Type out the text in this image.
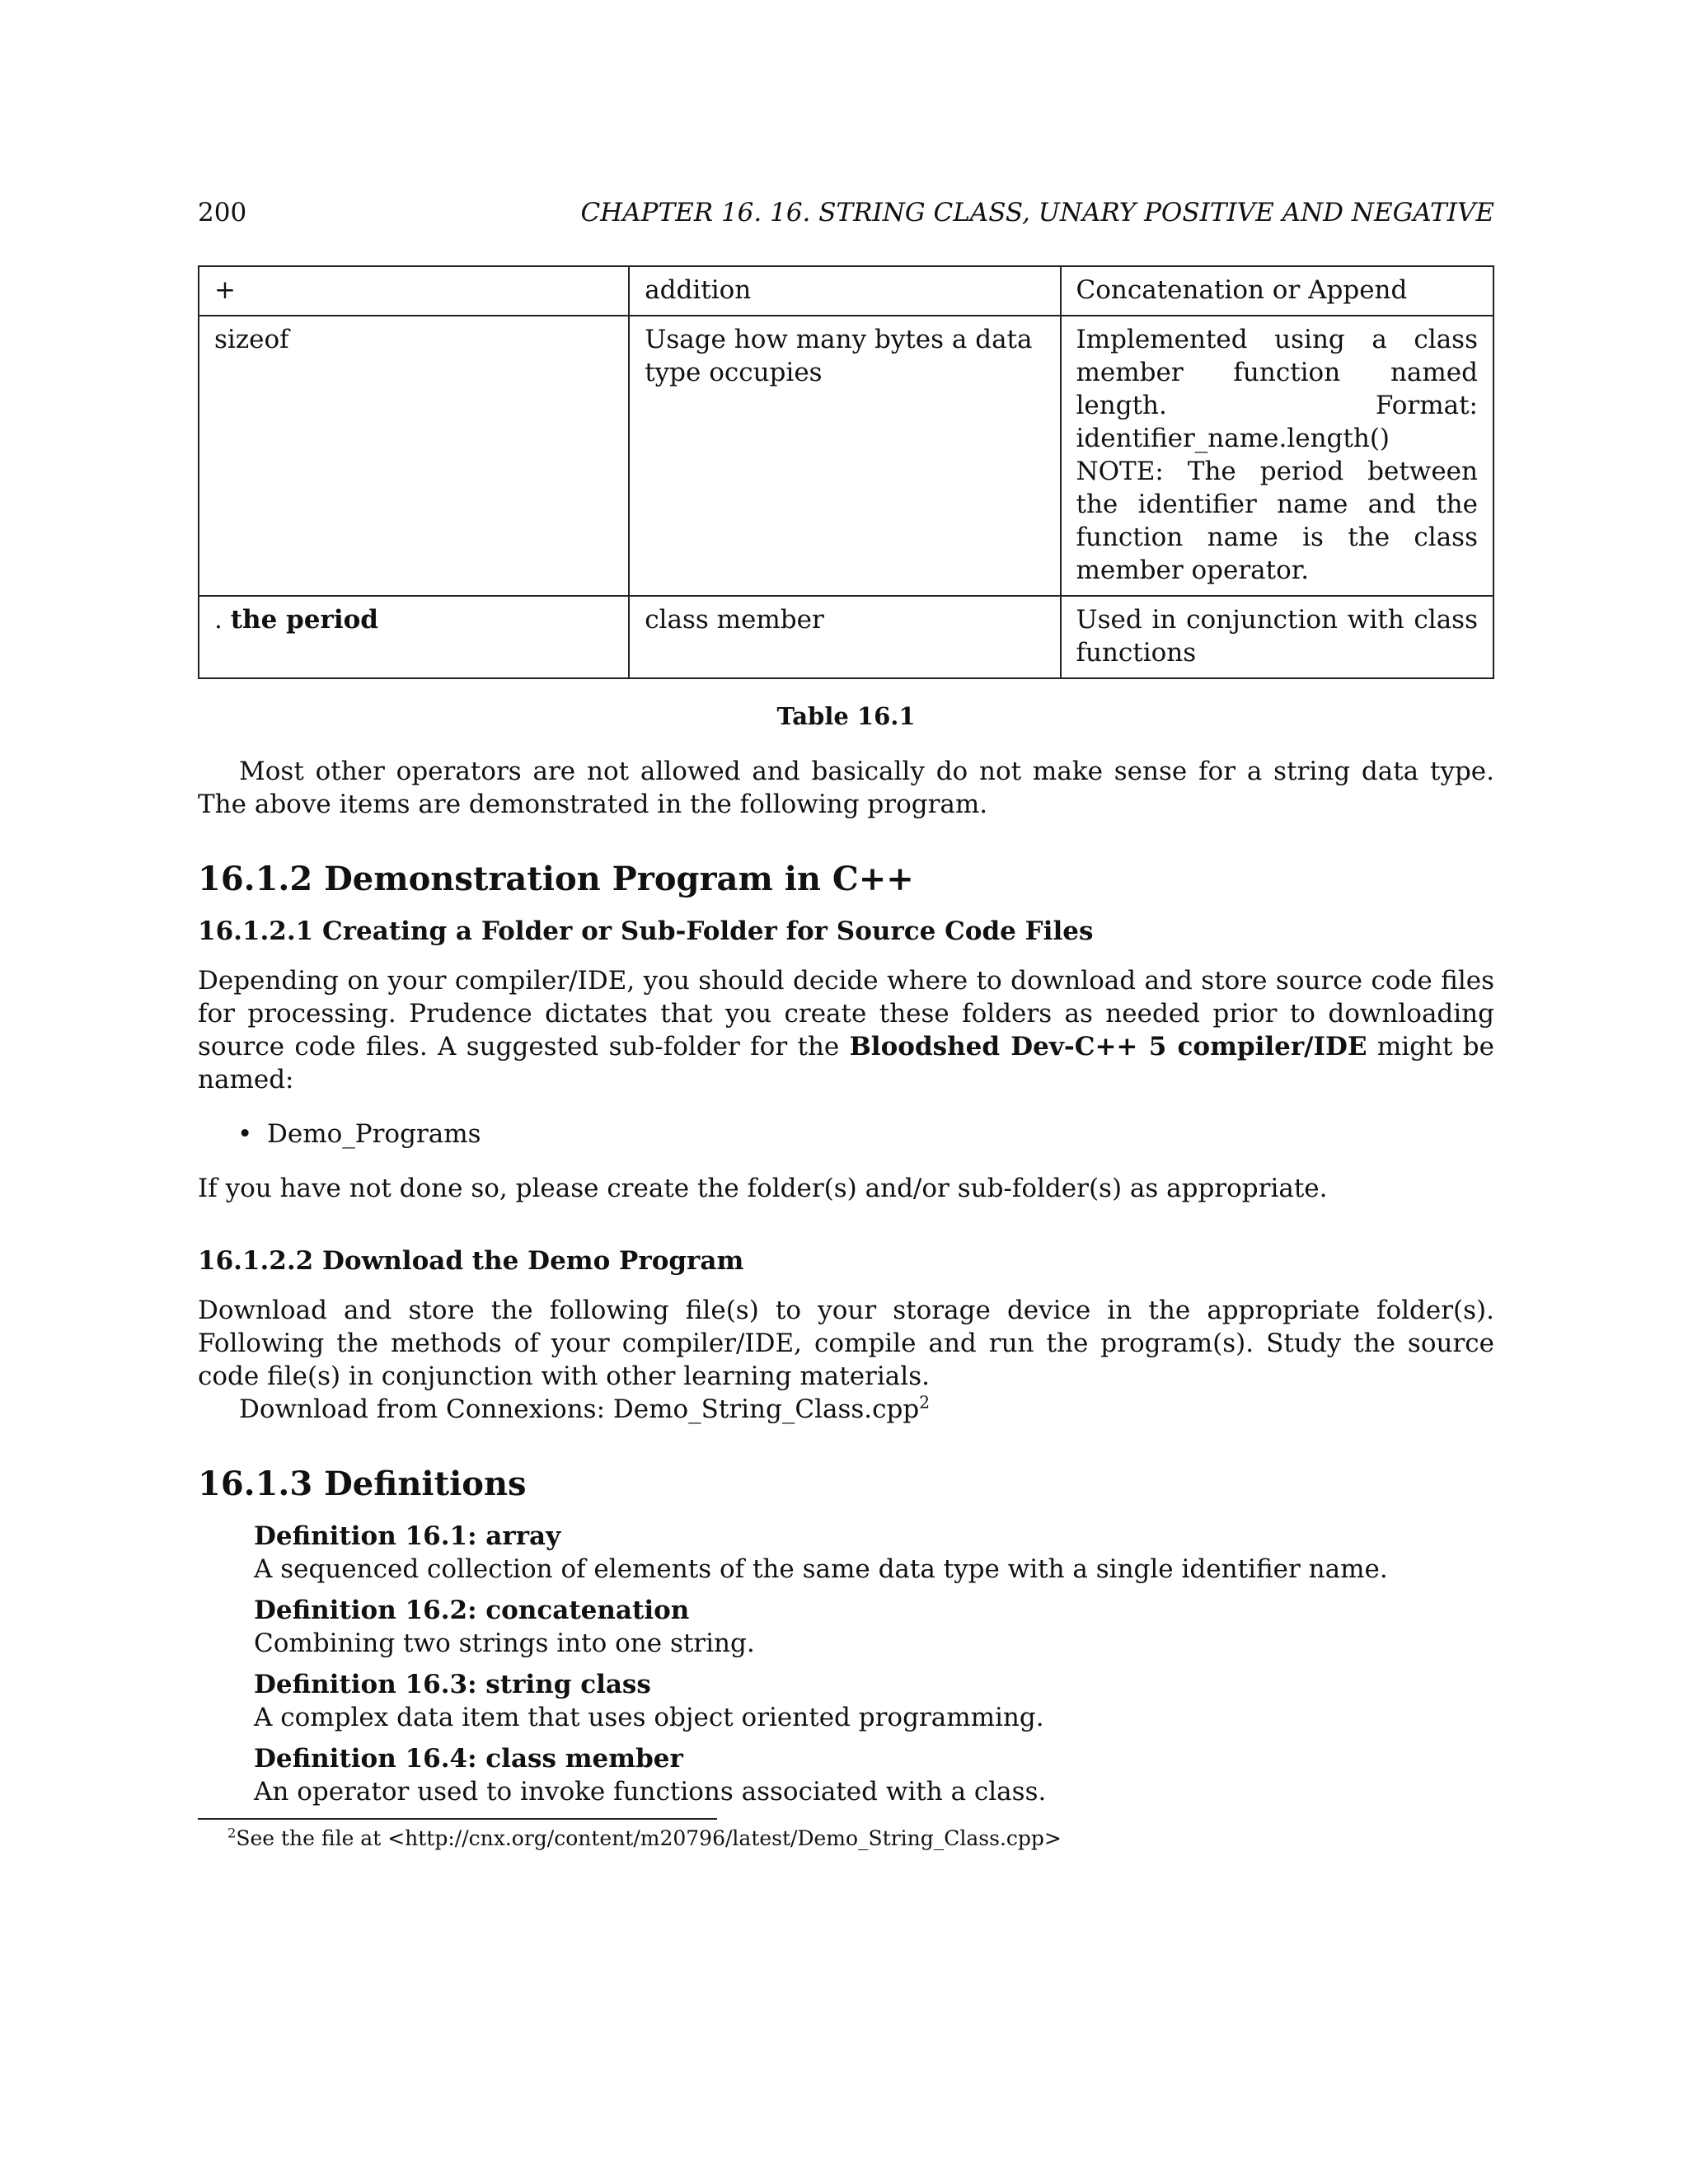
200	CHAPTER 16. 16. STRING CLASS, UNARY POSITIVE AND NEGATIVE
+	addition	Concatenation or Append
sizeof	Usage how many bytes a data type occupies	Implemented using a class member function named length. Format: identifier_name.length() NOTE: The period between the identifier name and the function name is the class member operator.
. the period	class member	Used in conjunction with class functions
Table 16.1

Most other operators are not allowed and basically do not make sense for a string data type. The above items are demonstrated in the following program.

16.1.2 Demonstration Program in C++
16.1.2.1 Creating a Folder or Sub-Folder for Source Code Files

Depending on your compiler/IDE, you should decide where to download and store source code files for processing. Prudence dictates that you create these folders as needed prior to downloading source code files. A suggested sub-folder for the Bloodshed Dev-C++ 5 compiler/IDE might be named:

• Demo_Programs

If you have not done so, please create the folder(s) and/or sub-folder(s) as appropriate.

16.1.2.2 Download the Demo Program

Download and store the following file(s) to your storage device in the appropriate folder(s). Following the methods of your compiler/IDE, compile and run the program(s). Study the source code file(s) in conjunction with other learning materials.

Download from Connexions: Demo_String_Class.cpp$^2$

16.1.3 Definitions
Definition 16.1: array
A sequenced collection of elements of the same data type with a single identifier name.
Definition 16.2: concatenation
Combining two strings into one string.
Definition 16.3: string class
A complex data item that uses object oriented programming.
Definition 16.4: class member
An operator used to invoke functions associated with a class.
$^2$See the file at <http://cnx.org/content/m20796/latest/Demo_String_Class.cpp>
